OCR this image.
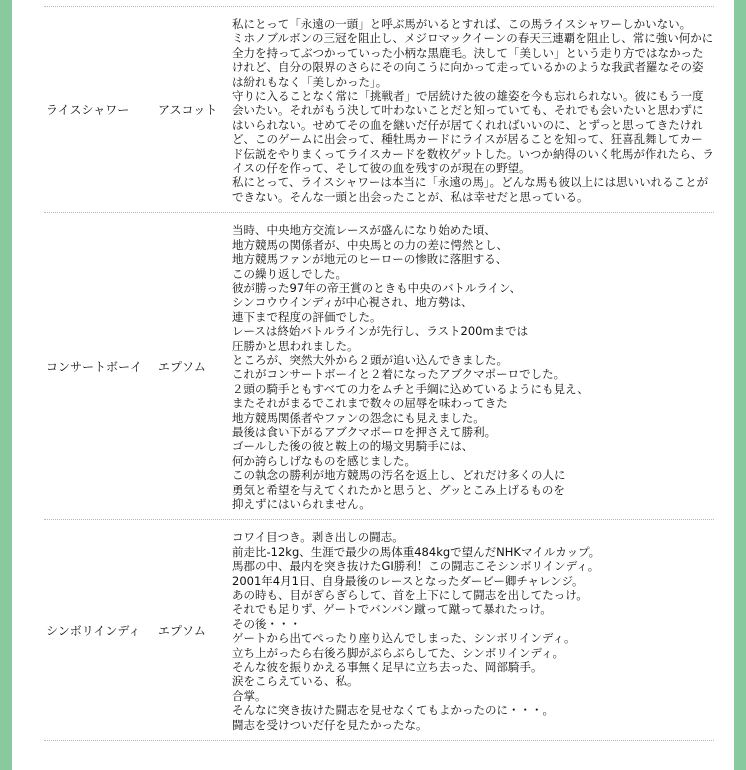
ライスシャワー	アスコット
私にとって「永遠の一頭」と呼ぶ馬がいるとすれば、この馬ライスシャワーしかいない。
ミホノブルボンの三冠を阻止し、メジロマックイーンの春天三連覇を阻止し、常に強い何かに全力を持ってぶつかっていった小柄な黒鹿毛。決して「美しい」という走り方ではなかったけれど、自分の限界のさらにその向こうに向かって走っているかのような我武者羅なその姿は紛れもなく「美しかった」。
守りに入ることなく常に「挑戦者」で居続けた彼の雄姿を今も忘れられない。彼にもう一度会いたい。それがもう決して叶わないことだと知っていても、それでも会いたいと思わずにはいられない。せめてその血を継いだ仔が居てくれればいいのに、とずっと思ってきたけれど、このゲームに出会って、種牡馬カードにライスが居ることを知って、狂喜乱舞してカード伝説をやりまくってライスカードを数枚ゲットした。いつか納得のいく牝馬が作れたら、ライスの仔を作って、そして彼の血を残すのが現在の野望。
私にとって、ライスシャワーは本当に「永遠の馬」。どんな馬も彼以上には思いいれることができない。そんな一頭と出会ったことが、私は幸せだと思っている。
コンサートボーイ	エプソム
当時、中央地方交流レースが盛んになり始めた頃、
地方競馬の関係者が、中央馬との力の差に愕然とし、
地方競馬ファンが地元のヒーローの惨敗に落胆する、
この繰り返しでした。
彼が勝った97年の帝王賞のときも中央のバトルライン、
シンコウウインディが中心視され、地方勢は、
連下まで程度の評価でした。
レースは終始バトルラインが先行し、ラスト200mまでは
圧勝かと思われました。
ところが、突然大外から２頭が追い込んできました。
これがコンサートボーイと２着になったアブクマポーロでした。
２頭の騎手ともすべての力をムチと手綱に込めているようにも見え、
またそれがまるでこれまで数々の屈辱を味わってきた
地方競馬関係者やファンの怨念にも見えました。
最後は食い下がるアブクマポーロを押さえて勝利。
ゴールした後の彼と鞍上の的場文男騎手には、
何か誇らしげなものを感じました。
この執念の勝利が地方競馬の汚名を返上し、どれだけ多くの人に
勇気と希望を与えてくれたかと思うと、グッとこみ上げるものを
抑えずにはいられません。
シンボリインディ	エプソム
コワイ目つき。剥き出しの闘志。
前走比-12kg、生涯で最少の馬体重484kgで望んだNHKマイルカップ。
馬郡の中、最内を突き抜けたGI勝利！この闘志こそシンボリインディ。
2001年4月1日、自身最後のレースとなったダービー卿チャレンジ。
あの時も、目がぎらぎらして、首を上下にして闘志を出してたっけ。
それでも足りず、ゲートでバンバン蹴って蹴って暴れたっけ。
その後・・・
ゲートから出てぺったり座り込んでしまった、シンボリインディ。
立ち上がったら右後ろ脚がぶらぶらしてた、シンボリインディ。
そんな彼を振りかえる事無く足早に立ち去った、岡部騎手。
涙をこらえている、私。
合掌。
そんなに突き抜けた闘志を見せなくてもよかったのに・・・。
闘志を受けついだ仔を見たかったな。
